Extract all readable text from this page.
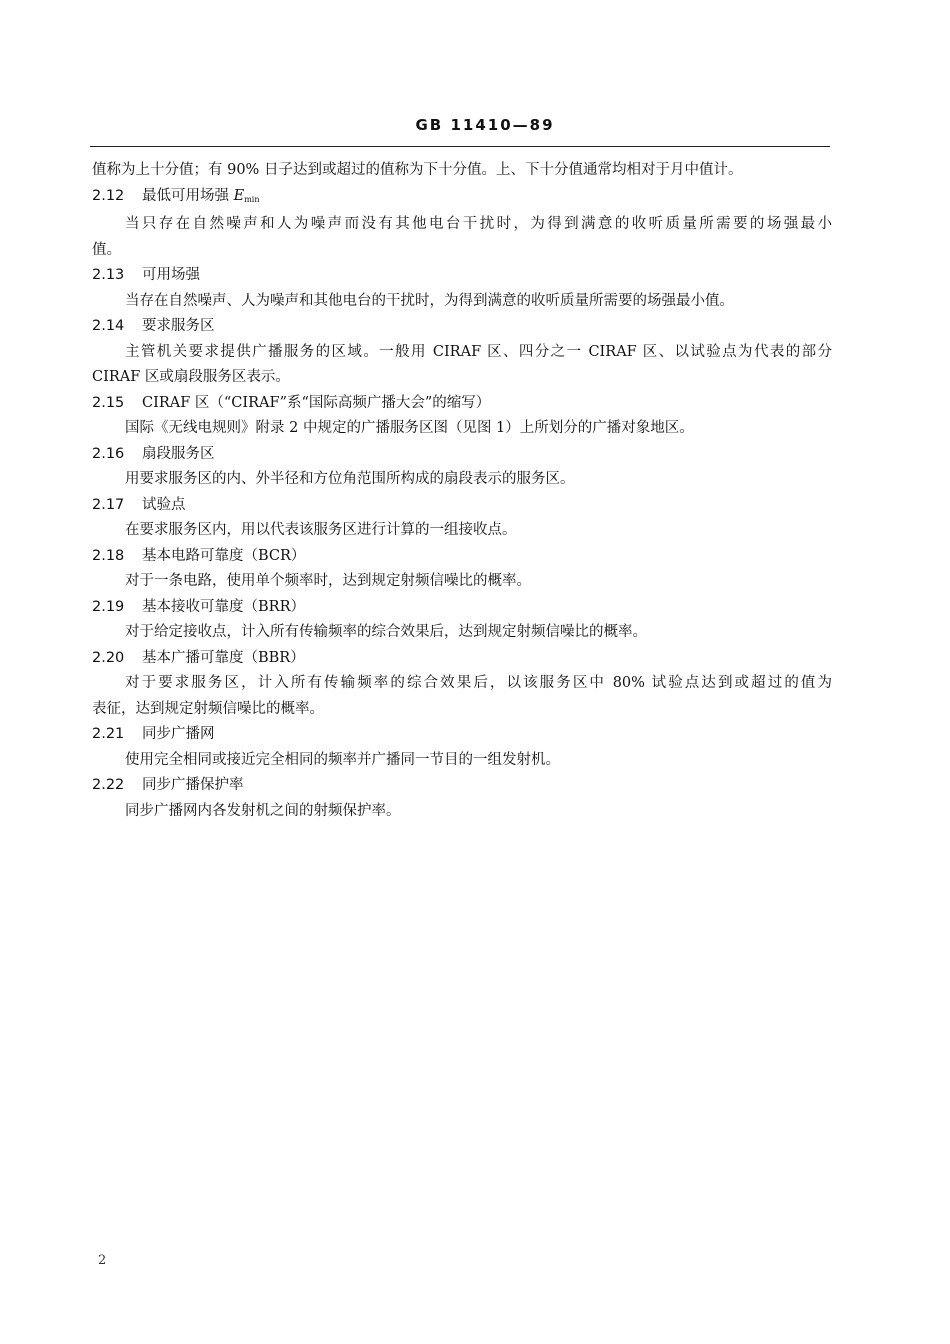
GB 11410—89
值称为上十分值；有 90% 日子达到或超过的值称为下十分值。上、下十分值通常均相对于月中值计。
2.12 最低可用场强 $E_{min}$
当只存在自然噪声和人为噪声而没有其他电台干扰时，为得到满意的收听质量所需要的场强最小
值。
2.13 可用场强
当存在自然噪声、人为噪声和其他电台的干扰时，为得到满意的收听质量所需要的场强最小值。
2.14 要求服务区
主管机关要求提供广播服务的区域。一般用 CIRAF 区、四分之一 CIRAF 区、以试验点为代表的部分
CIRAF 区或扇段服务区表示。
2.15 CIRAF 区（“CIRAF”系“国际高频广播大会”的缩写）
国际《无线电规则》附录 2 中规定的广播服务区图（见图 1）上所划分的广播对象地区。
2.16 扇段服务区
用要求服务区的内、外半径和方位角范围所构成的扇段表示的服务区。
2.17 试验点
在要求服务区内，用以代表该服务区进行计算的一组接收点。
2.18 基本电路可靠度（BCR）
对于一条电路，使用单个频率时，达到规定射频信噪比的概率。
2.19 基本接收可靠度（BRR）
对于给定接收点，计入所有传输频率的综合效果后，达到规定射频信噪比的概率。
2.20 基本广播可靠度（BBR）
对于要求服务区，计入所有传输频率的综合效果后，以该服务区中 80% 试验点达到或超过的值为
表征，达到规定射频信噪比的概率。
2.21 同步广播网
使用完全相同或接近完全相同的频率并广播同一节目的一组发射机。
2.22 同步广播保护率
同步广播网内各发射机之间的射频保护率。
2
